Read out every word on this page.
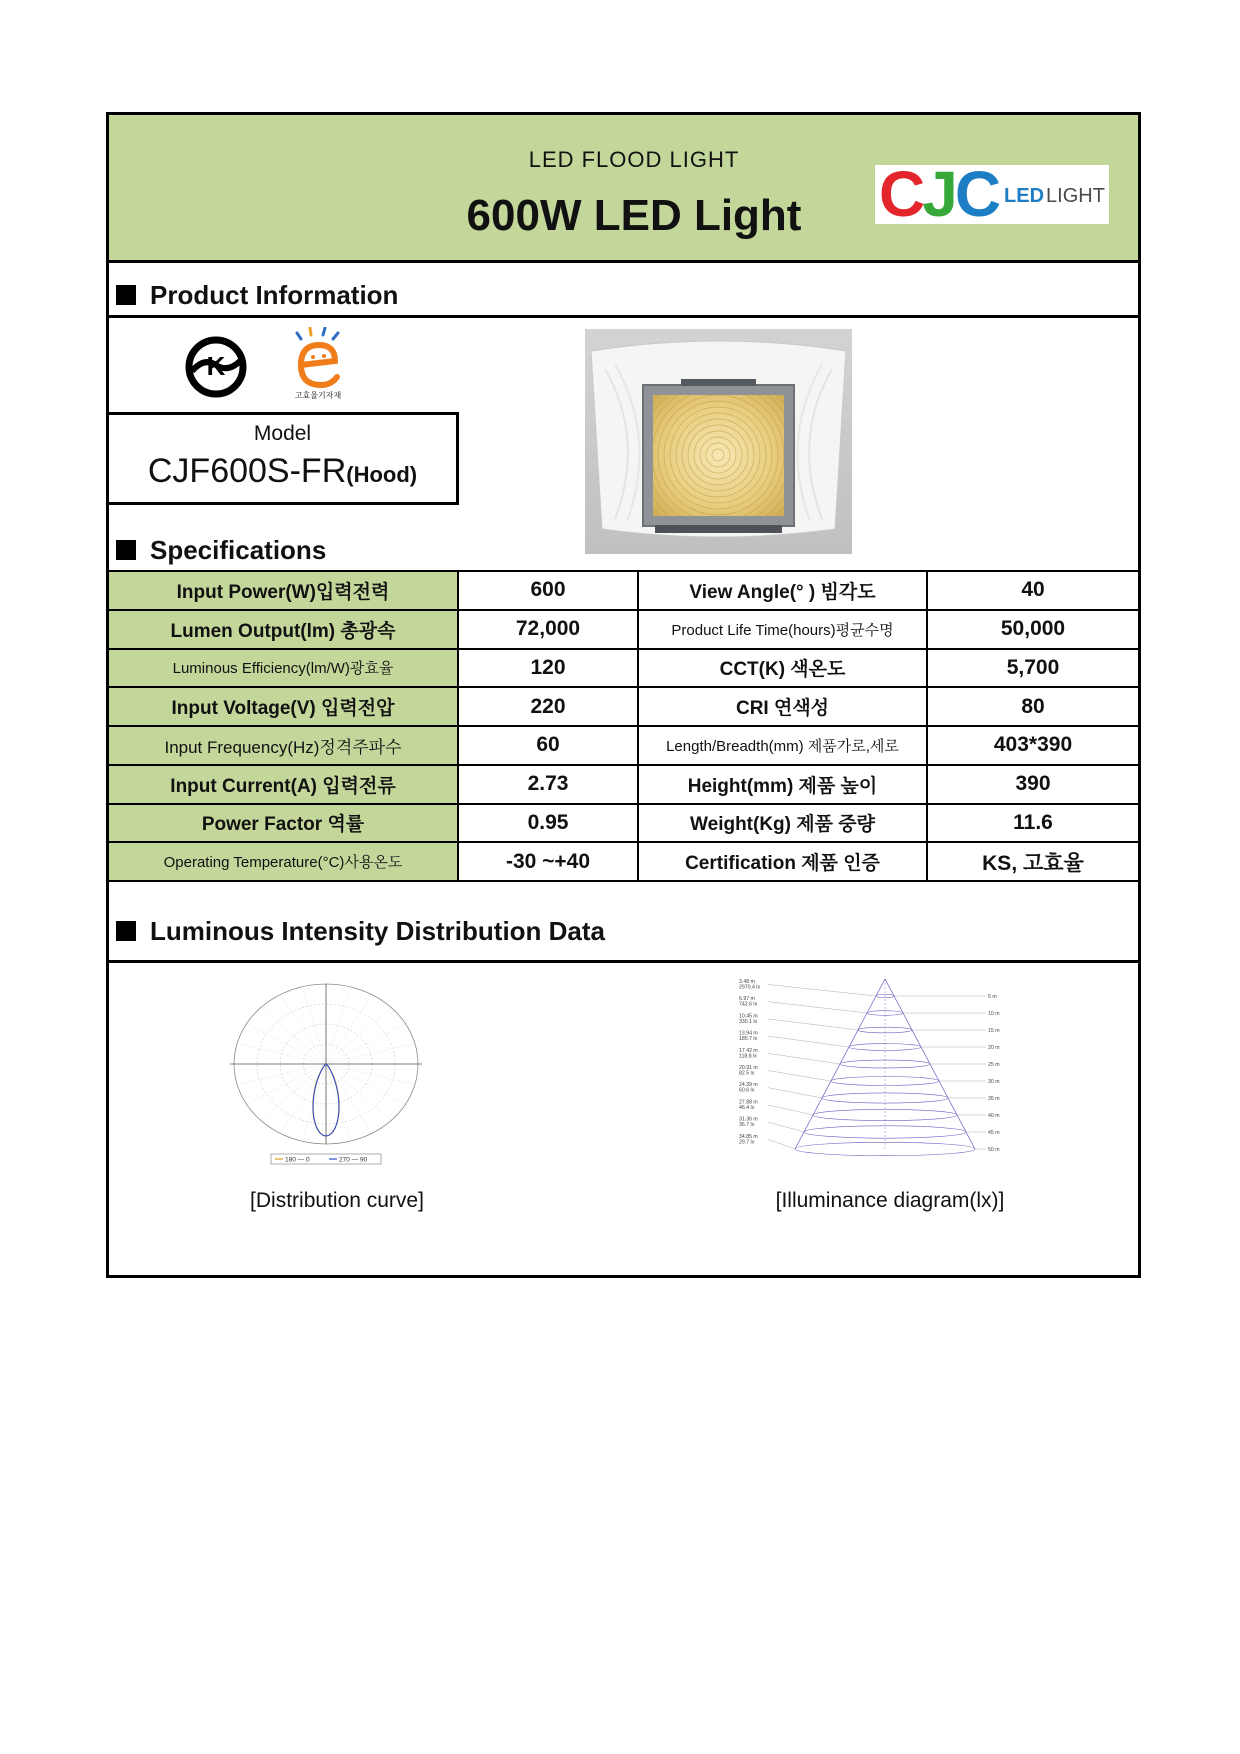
LED FLOOD LIGHT
600W LED Light	C J C LED LIGHT
Product Information
K
고효율기자재
Model
CJF600S-FR(Hood)
Specifications
Input Power(W)입력전력	600	View Angle(° ) 빔각도	40
Lumen Output(lm) 총광속	72,000	Product Life Time(hours)평균수명	50,000
Luminous Efficiency(lm/W)광효율	120	CCT(K) 색온도	5,700
Input Voltage(V) 입력전압	220	CRI 연색성	80
Input Frequency(Hz)정격주파수	60	Length/Breadth(mm) 제품가로,세로	403*390
Input Current(A) 입력전류	2.73	Height(mm) 제품 높이	390
Power Factor 역률	0.95	Weight(Kg) 제품 중량	11.6
Operating Temperature(°C)사용온도	-30 ~+40	Certification 제품 인증	KS, 고효율
Luminous Intensity Distribution Data
180 — 0	270 — 90
[Distribution curve]
5 m
3.48 m
2970.4 lx
10 m
6.97 m
742.6 lx
15 m
10.45 m
330.1 lx
20 m
13.94 m
185.7 lx
25 m
17.42 m
118.8 lx
30 m
20.91 m
82.5 lx
35 m
24.39 m
60.6 lx
40 m
27.88 m
46.4 lx
45 m
31.36 m
36.7 lx
50 m
34.85 m
29.7 lx
[Illuminance diagram(lx)]
